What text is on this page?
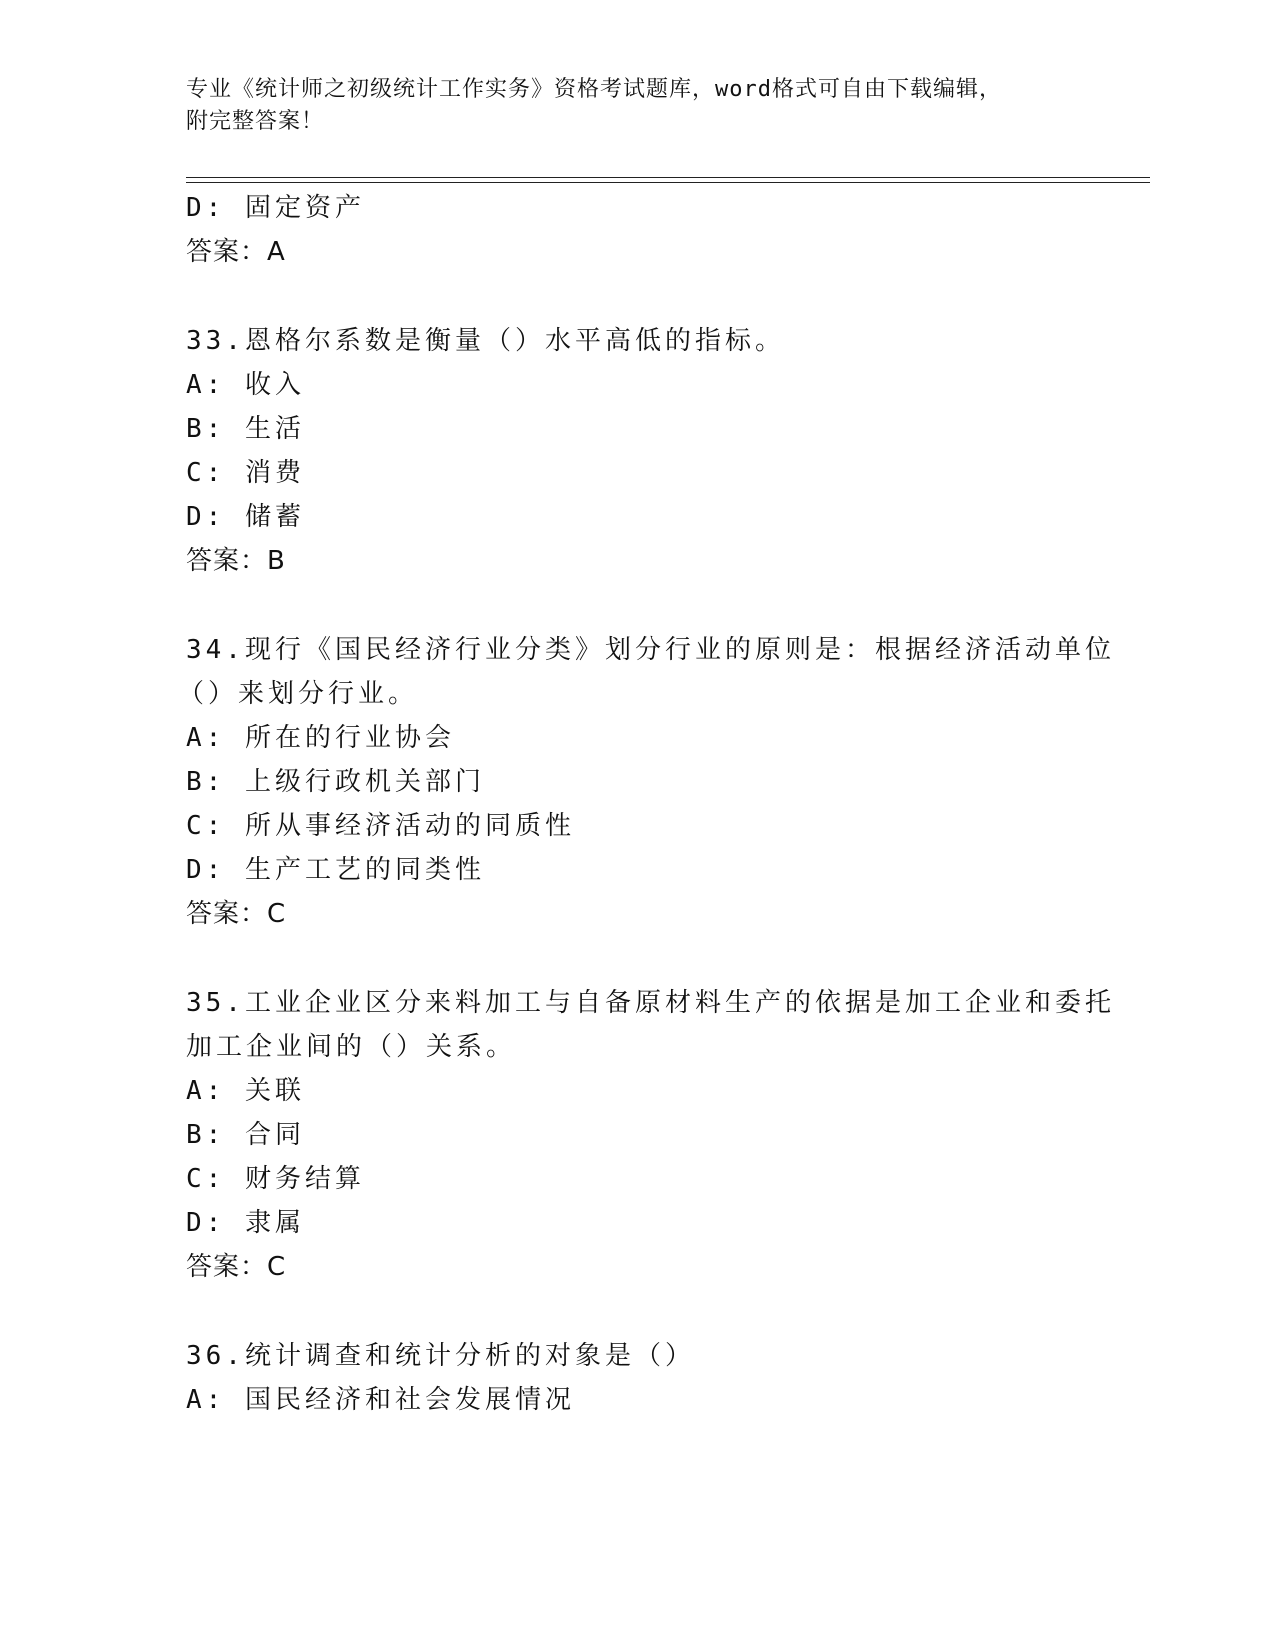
专业《统计师之初级统计工作实务》资格考试题库，word格式可自由下载编辑，
附完整答案！
D: 固定资产
答案：A
33.恩格尔系数是衡量（）水平高低的指标。
A: 收入
B: 生活
C: 消费
D: 储蓄
答案：B
34.现行《国民经济行业分类》划分行业的原则是：根据经济活动单位
（）来划分行业。
A: 所在的行业协会
B: 上级行政机关部门
C: 所从事经济活动的同质性
D: 生产工艺的同类性
答案：C
35.工业企业区分来料加工与自备原材料生产的依据是加工企业和委托
加工企业间的（）关系。
A: 关联
B: 合同
C: 财务结算
D: 隶属
答案：C
36.统计调查和统计分析的对象是（）
A: 国民经济和社会发展情况
